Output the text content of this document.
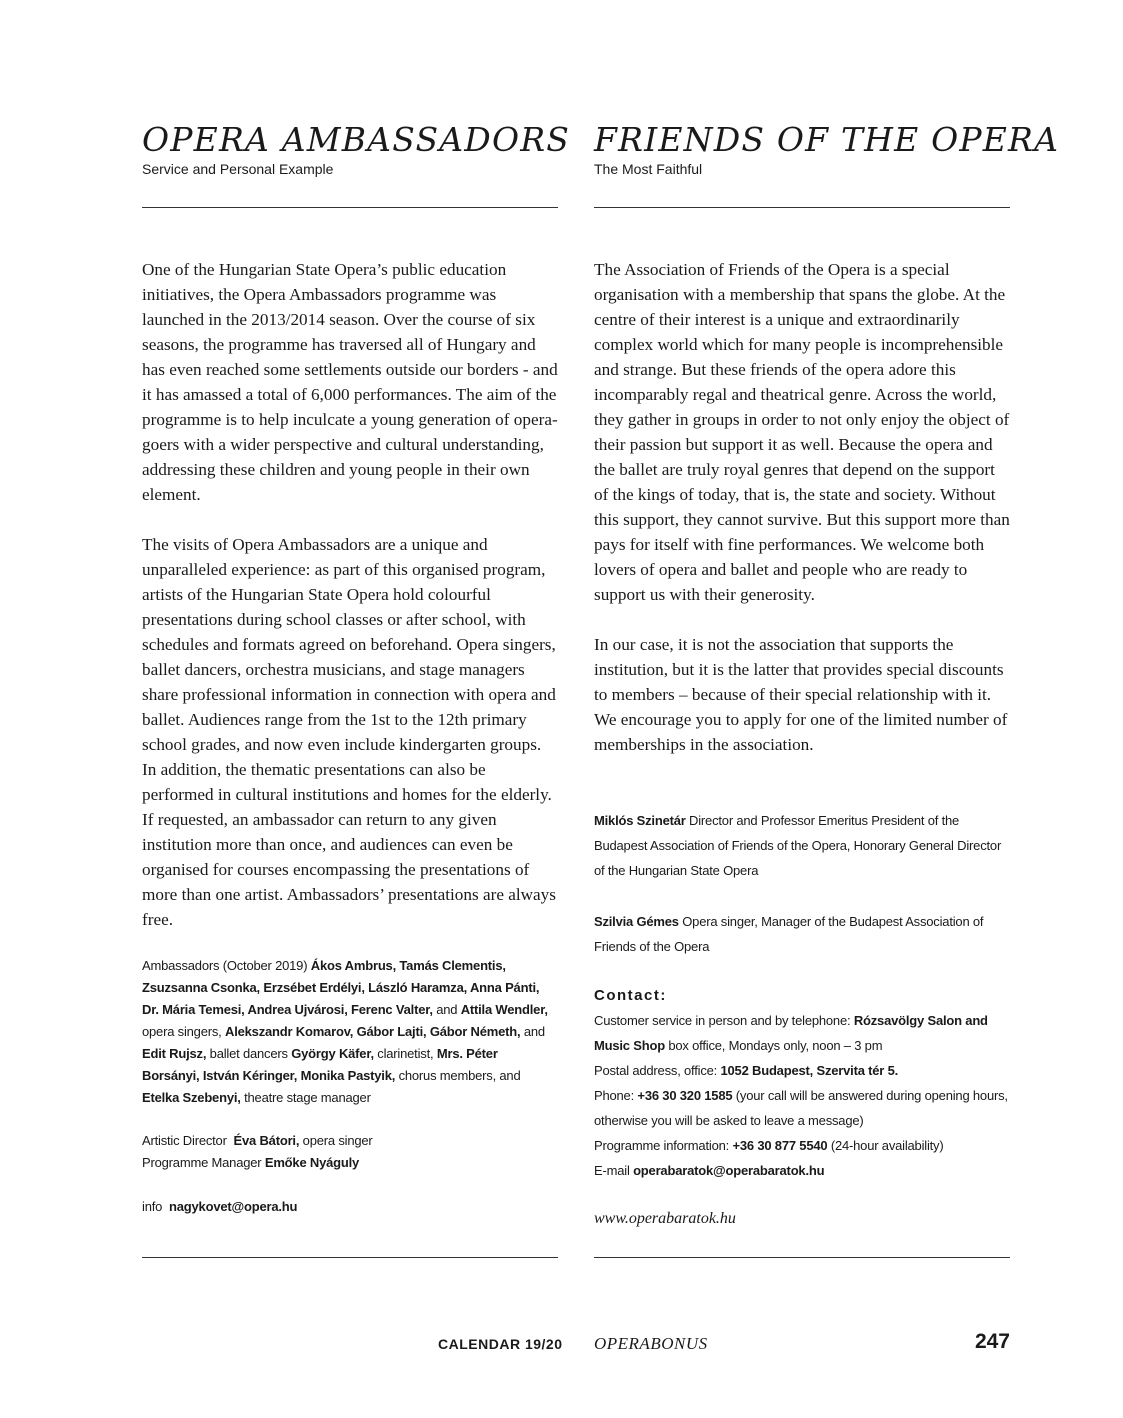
OPERA AMBASSADORS
Service and Personal Example

One of the Hungarian State Opera’s public education initiatives, the Opera Ambassadors programme was launched in the 2013/2014 season. Over the course of six seasons, the programme has traversed all of Hungary and has even reached some settlements outside our borders - and it has amassed a total of 6,000 performances. The aim of the programme is to help inculcate a young generation of opera-goers with a wider perspective and cultural understanding, addressing these children and young people in their own element.

The visits of Opera Ambassadors are a unique and unparalleled experience: as part of this organised program, artists of the Hungarian State Opera hold colourful presentations during school classes or after school, with schedules and formats agreed on beforehand. Opera singers, ballet dancers, orchestra musicians, and stage managers share professional information in connection with opera and ballet. Audiences range from the 1st to the 12th primary school grades, and now even include kindergarten groups. In addition, the thematic presentations can also be performed in cultural institutions and homes for the elderly. If requested, an ambassador can return to any given institution more than once, and audiences can even be organised for courses encompassing the presentations of more than one artist. Ambassadors’ presentations are always free.

Ambassadors (October 2019) Ákos Ambrus, Tamás Clementis, Zsuzsanna Csonka, Erzsébet Erdélyi, László Haramza, Anna Pánti, Dr. Mária Temesi, Andrea Ujvárosi, Ferenc Valter, and Attila Wendler, opera singers, Alekszandr Komarov, Gábor Lajti, Gábor Németh, and Edit Rujsz, ballet dancers György Käfer, clarinetist, Mrs. Péter Borsányi, István Kéringer, Monika Pastyik, chorus members, and Etelka Szebenyi, theatre stage manager

Artistic Director Éva Bátori, opera singer

Programme Manager Emőke Nyáguly

info  nagykovet@opera.hu
FRIENDS OF THE OPERA
The Most Faithful

The Association of Friends of the Opera is a special organisation with a membership that spans the globe. At the centre of their interest is a unique and extraordinarily complex world which for many people is incomprehensible and strange. But these friends of the opera adore this incomparably regal and theatrical genre. Across the world, they gather in groups in order to not only enjoy the object of their passion but support it as well. Because the opera and the ballet are truly royal genres that depend on the support of the kings of today, that is, the state and society. Without this support, they cannot survive. But this support more than pays for itself with fine performances. We welcome both lovers of opera and ballet and people who are ready to support us with their generosity.

In our case, it is not the association that supports the institution, but it is the latter that provides special discounts to members – because of their special relationship with it. We encourage you to apply for one of the limited number of memberships in the association.

Miklós Szinetár Director and Professor Emeritus President of the Budapest Association of Friends of the Opera, Honorary General Director of the Hungarian State Opera
Szilvia Gémes Opera singer, Manager of the Budapest Association of Friends of the Opera
Contact:

Customer service in person and by telephone: Rózsavölgy Salon and Music Shop box office, Mondays only, noon – 3 pm

Postal address, office: 1052 Budapest, Szervita tér 5.

Phone: +36 30 320 1585 (your call will be answered during opening hours, otherwise you will be asked to leave a message)

Programme information: +36 30 877 5540 (24-hour availability)

E-mail operabaratok@operabaratok.hu

www.operabaratok.hu
CALENDAR 19/20 OPERABONUS	247
